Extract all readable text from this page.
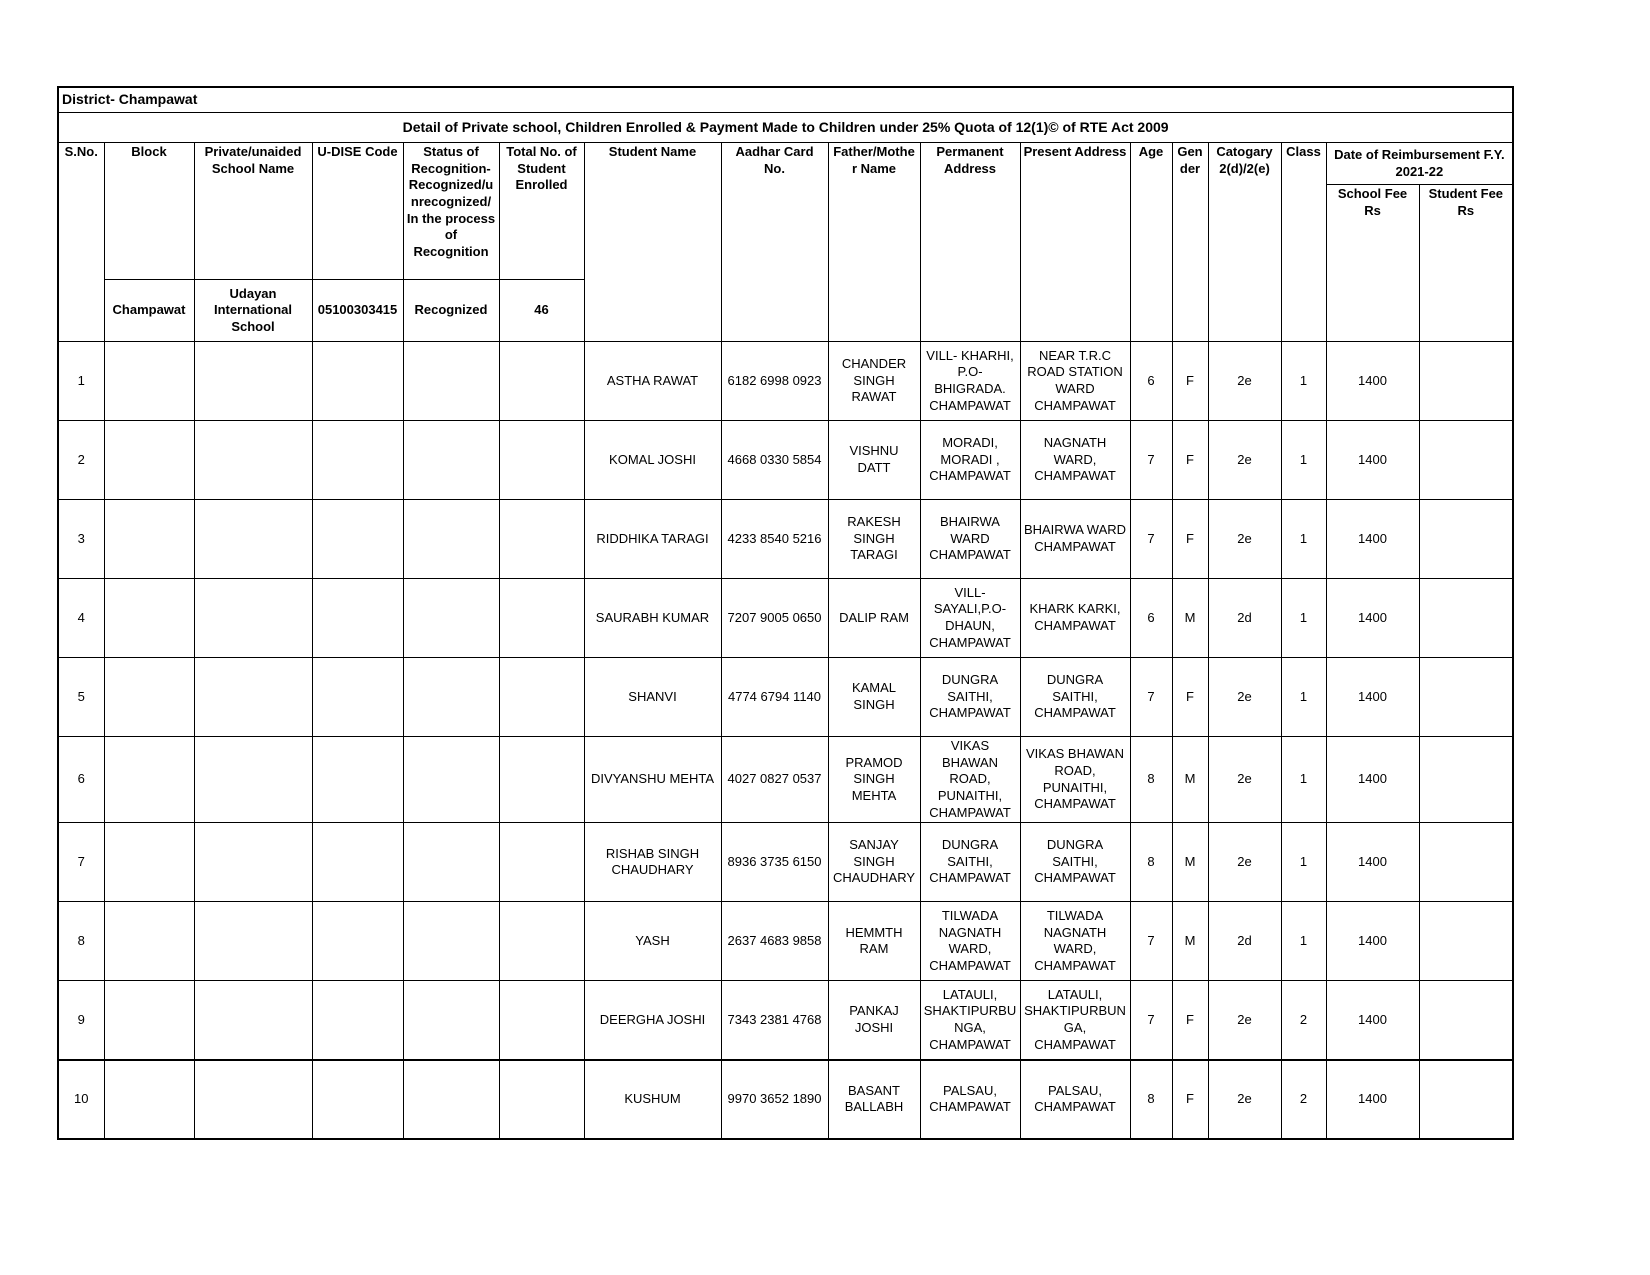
District- Champawat																
Detail of Private school, Children Enrolled & Payment Made to Children under 25% Quota of 12(1)© of RTE Act 2009																
S.No.	Block	Private/unaided School Name	U-DISE Code	Status of Recognition- Recognized/unrecognized/ In the process of Recognition	Total No. of Student Enrolled	Student Name	Aadhar Card No.	Father/Mother Name	Permanent Address	Present Address	Age	Gender	Catogary 2(d)/2(e)	Class	Date of Reimbursement F.Y. 2021-22	
															School Fee Rs	Student Fee Rs
	Champawat	Udayan International School	05100303415	Recognized	46											
1						ASTHA RAWAT	6182 6998 0923	CHANDER SINGH RAWAT	VILL- KHARHI, P.O- BHIGRADA. CHAMPAWAT	NEAR T.R.C ROAD STATION WARD CHAMPAWAT	6	F	2e	1	1400	
2						KOMAL JOSHI	4668 0330 5854	VISHNU DATT	MORADI, MORADI , CHAMPAWAT	NAGNATH WARD, CHAMPAWAT	7	F	2e	1	1400	
3						RIDDHIKA TARAGI	4233 8540 5216	RAKESH SINGH TARAGI	BHAIRWA WARD CHAMPAWAT	BHAIRWA WARD CHAMPAWAT	7	F	2e	1	1400	
4						SAURABH KUMAR	7207 9005 0650	DALIP RAM	VILL- SAYALI,P.O- DHAUN, CHAMPAWAT	KHARK KARKI, CHAMPAWAT	6	M	2d	1	1400	
5						SHANVI	4774 6794 1140	KAMAL SINGH	DUNGRA SAITHI, CHAMPAWAT	DUNGRA SAITHI, CHAMPAWAT	7	F	2e	1	1400	
6						DIVYANSHU MEHTA	4027 0827 0537	PRAMOD SINGH MEHTA	VIKAS BHAWAN ROAD, PUNAITHI, CHAMPAWAT	VIKAS BHAWAN ROAD, PUNAITHI, CHAMPAWAT	8	M	2e	1	1400	
7						RISHAB SINGH CHAUDHARY	8936 3735 6150	SANJAY SINGH CHAUDHARY	DUNGRA SAITHI, CHAMPAWAT	DUNGRA SAITHI, CHAMPAWAT	8	M	2e	1	1400	
8						YASH	2637 4683 9858	HEMMTH RAM	TILWADA NAGNATH WARD, CHAMPAWAT	TILWADA NAGNATH WARD, CHAMPAWAT	7	M	2d	1	1400	
9						DEERGHA JOSHI	7343 2381 4768	PANKAJ JOSHI	LATAULI, SHAKTIPURBUNGA, CHAMPAWAT	LATAULI, SHAKTIPURBUNGA, CHAMPAWAT	7	F	2e	2	1400	
10						KUSHUM	9970 3652 1890	BASANT BALLABH	PALSAU, CHAMPAWAT	PALSAU, CHAMPAWAT	8	F	2e	2	1400	
